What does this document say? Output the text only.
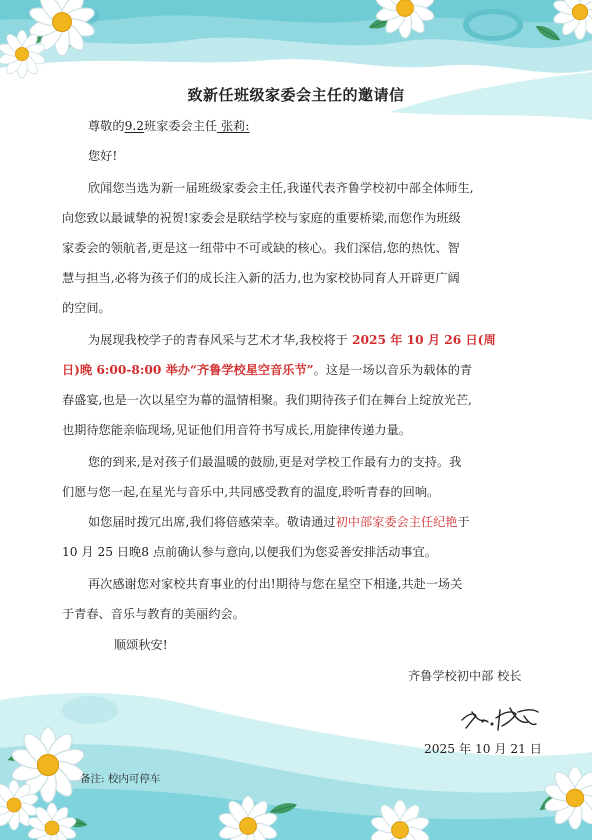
致新任班级家委会主任的邀请信
尊敬的9.2班家委会主任 张莉:
您好!
欣闻您当选为新一届班级家委会主任,我谨代表齐鲁学校初中部全体师生,
向您致以最诚挚的祝贺!家委会是联结学校与家庭的重要桥梁,而您作为班级
家委会的领航者,更是这一纽带中不可或缺的核心。我们深信,您的热忱、智
慧与担当,必将为孩子们的成长注入新的活力,也为家校协同育人开辟更广阔
的空间。
为展现我校学子的青春风采与艺术才华,我校将于 2025 年 10 月 26 日(周
日)晚 6:00-8:00 举办“齐鲁学校星空音乐节”。这是一场以音乐为载体的青
春盛宴,也是一次以星空为幕的温情相聚。我们期待孩子们在舞台上绽放光芒,
也期待您能亲临现场,见证他们用音符书写成长,用旋律传递力量。
您的到来,是对孩子们最温暖的鼓励,更是对学校工作最有力的支持。我
们愿与您一起,在星光与音乐中,共同感受教育的温度,聆听青春的回响。
如您届时拨冗出席,我们将倍感荣幸。敬请通过初中部家委会主任纪艳于
10 月 25 日晚8 点前确认参与意向,以便我们为您妥善安排活动事宜。
再次感谢您对家校共育事业的付出!期待与您在星空下相逢,共赴一场关
于青春、音乐与教育的美丽约会。
顺颂秋安!
齐鲁学校初中部 校长
2025 年 10 月 21 日
备注: 校内可停车
